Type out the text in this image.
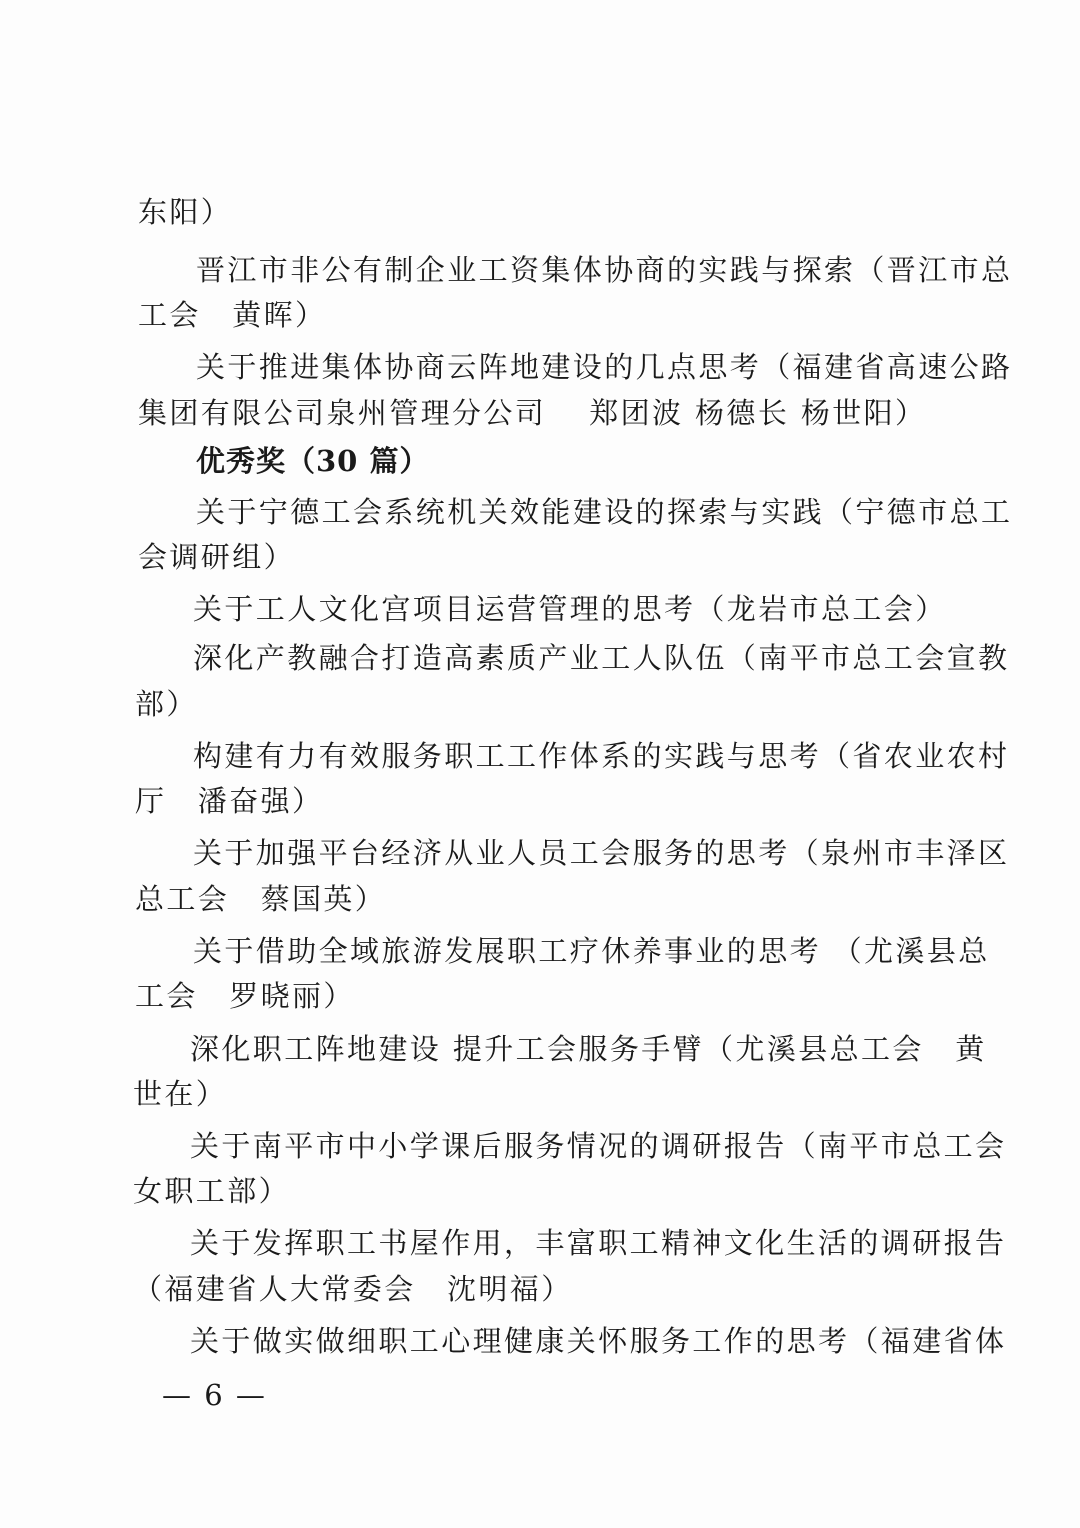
东阳）
晋江市非公有制企业工资集体协商的实践与探索（晋江市总
工会　黄晖）
关于推进集体协商云阵地建设的几点思考（福建省高速公路
集团有限公司泉州管理分公司　 郑团波 杨德长 杨世阳）
优秀奖（30 篇）
关于宁德工会系统机关效能建设的探索与实践（宁德市总工
会调研组）
关于工人文化宫项目运营管理的思考（龙岩市总工会）
深化产教融合打造高素质产业工人队伍（南平市总工会宣教
部）
构建有力有效服务职工工作体系的实践与思考（省农业农村
厅　潘奋强）
关于加强平台经济从业人员工会服务的思考（泉州市丰泽区
总工会　蔡国英）
关于借助全域旅游发展职工疗休养事业的思考 （尤溪县总
工会　罗晓丽）
深化职工阵地建设 提升工会服务手臂（尤溪县总工会　黄
世在）
关于南平市中小学课后服务情况的调研报告（南平市总工会
女职工部）
关于发挥职工书屋作用，丰富职工精神文化生活的调研报告
（福建省人大常委会　沈明福）
关于做实做细职工心理健康关怀服务工作的思考（福建省体
— 6 —
